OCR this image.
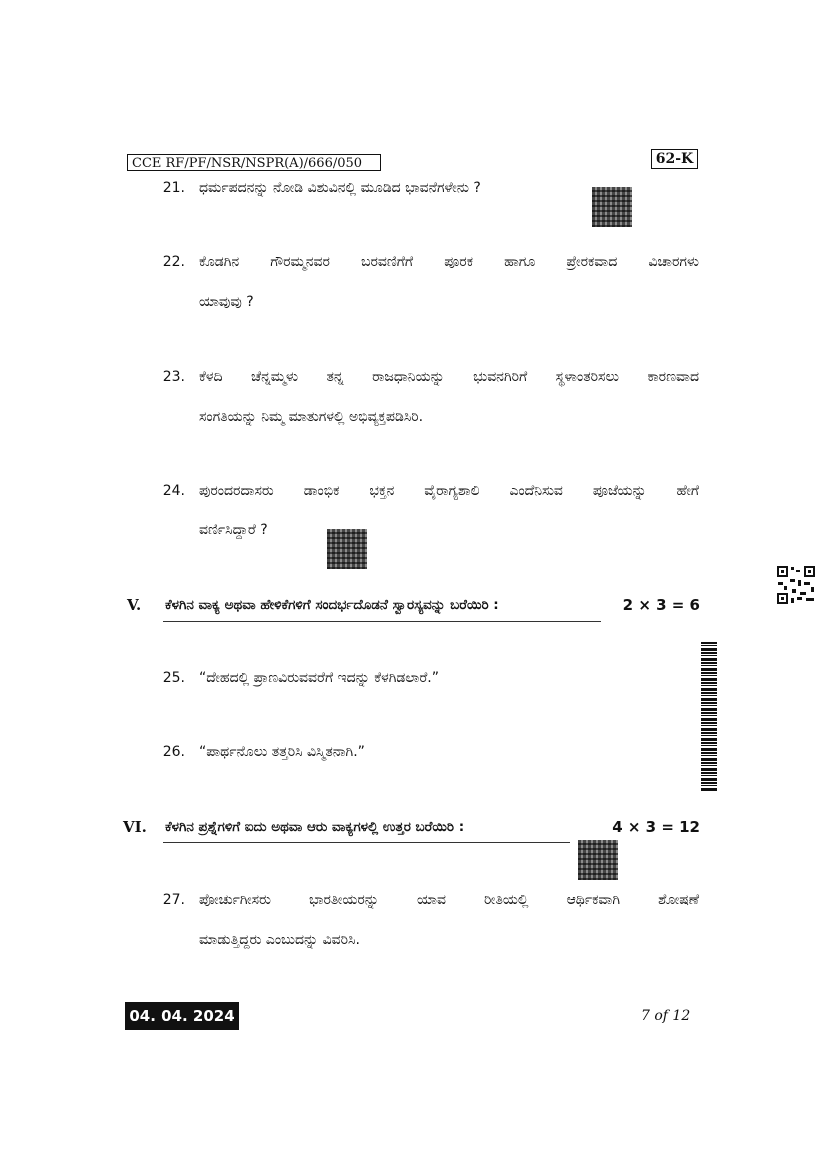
CCE RF/PF/NSR/NSPR(A)/666/050	62-K
21. ಧರ್ಮಪದನನ್ನು ನೋಡಿ ವಿಶುವಿನಲ್ಲಿ ಮೂಡಿದ ಭಾವನೆಗಳೇನು ?
22. ಕೊಡಗಿನ ಗೌರಮ್ಮನವರ ಬರವಣಿಗೆಗೆ ಪೂರಕ ಹಾಗೂ ಪ್ರೇರಕವಾದ ವಿಚಾರಗಳು
ಯಾವುವು ?
23. ಕೆಳದಿ ಚೆನ್ನಮ್ಮಳು ತನ್ನ ರಾಜಧಾನಿಯನ್ನು ಭುವನಗಿರಿಗೆ ಸ್ಥಳಾಂತರಿಸಲು ಕಾರಣವಾದ
ಸಂಗತಿಯನ್ನು ನಿಮ್ಮ ಮಾತುಗಳಲ್ಲಿ ಅಭಿವ್ಯಕ್ತಪಡಿಸಿರಿ.
24. ಪುರಂದರದಾಸರು ಡಾಂಭಿಕ ಭಕ್ತನ ವೈರಾಗ್ಯಶಾಲಿ ಎಂದೆನಿಸುವ ಪೂಜೆಯನ್ನು ಹೇಗೆ
ವರ್ಣಿಸಿದ್ದಾರೆ ?
V. ಕೆಳಗಿನ ವಾಕ್ಯ ಅಥವಾ ಹೇಳಿಕೆಗಳಿಗೆ ಸಂದರ್ಭದೊಡನೆ ಸ್ವಾರಸ್ಯವನ್ನು ಬರೆಯಿರಿ :	2 × 3 = 6
25. “ದೇಹದಲ್ಲಿ ಪ್ರಾಣವಿರುವವರೆಗೆ ಇದನ್ನು ಕೆಳಗಿಡಲಾರೆ.”
26. “ಪಾರ್ಥನೊಲು ತತ್ತರಿಸಿ ವಿಸ್ಮಿತನಾಗಿ.”
VI. ಕೆಳಗಿನ ಪ್ರಶ್ನೆಗಳಿಗೆ ಐದು ಅಥವಾ ಆರು ವಾಕ್ಯಗಳಲ್ಲಿ ಉತ್ತರ ಬರೆಯಿರಿ :	4 × 3 = 12
27. ಪೋರ್ಚುಗೀಸರು ಭಾರತೀಯರನ್ನು ಯಾವ ರೀತಿಯಲ್ಲಿ ಆರ್ಥಿಕವಾಗಿ ಶೋಷಣೆ
ಮಾಡುತ್ತಿದ್ದರು ಎಂಬುದನ್ನು ವಿವರಿಸಿ.
04. 04. 2024	7 of 12
